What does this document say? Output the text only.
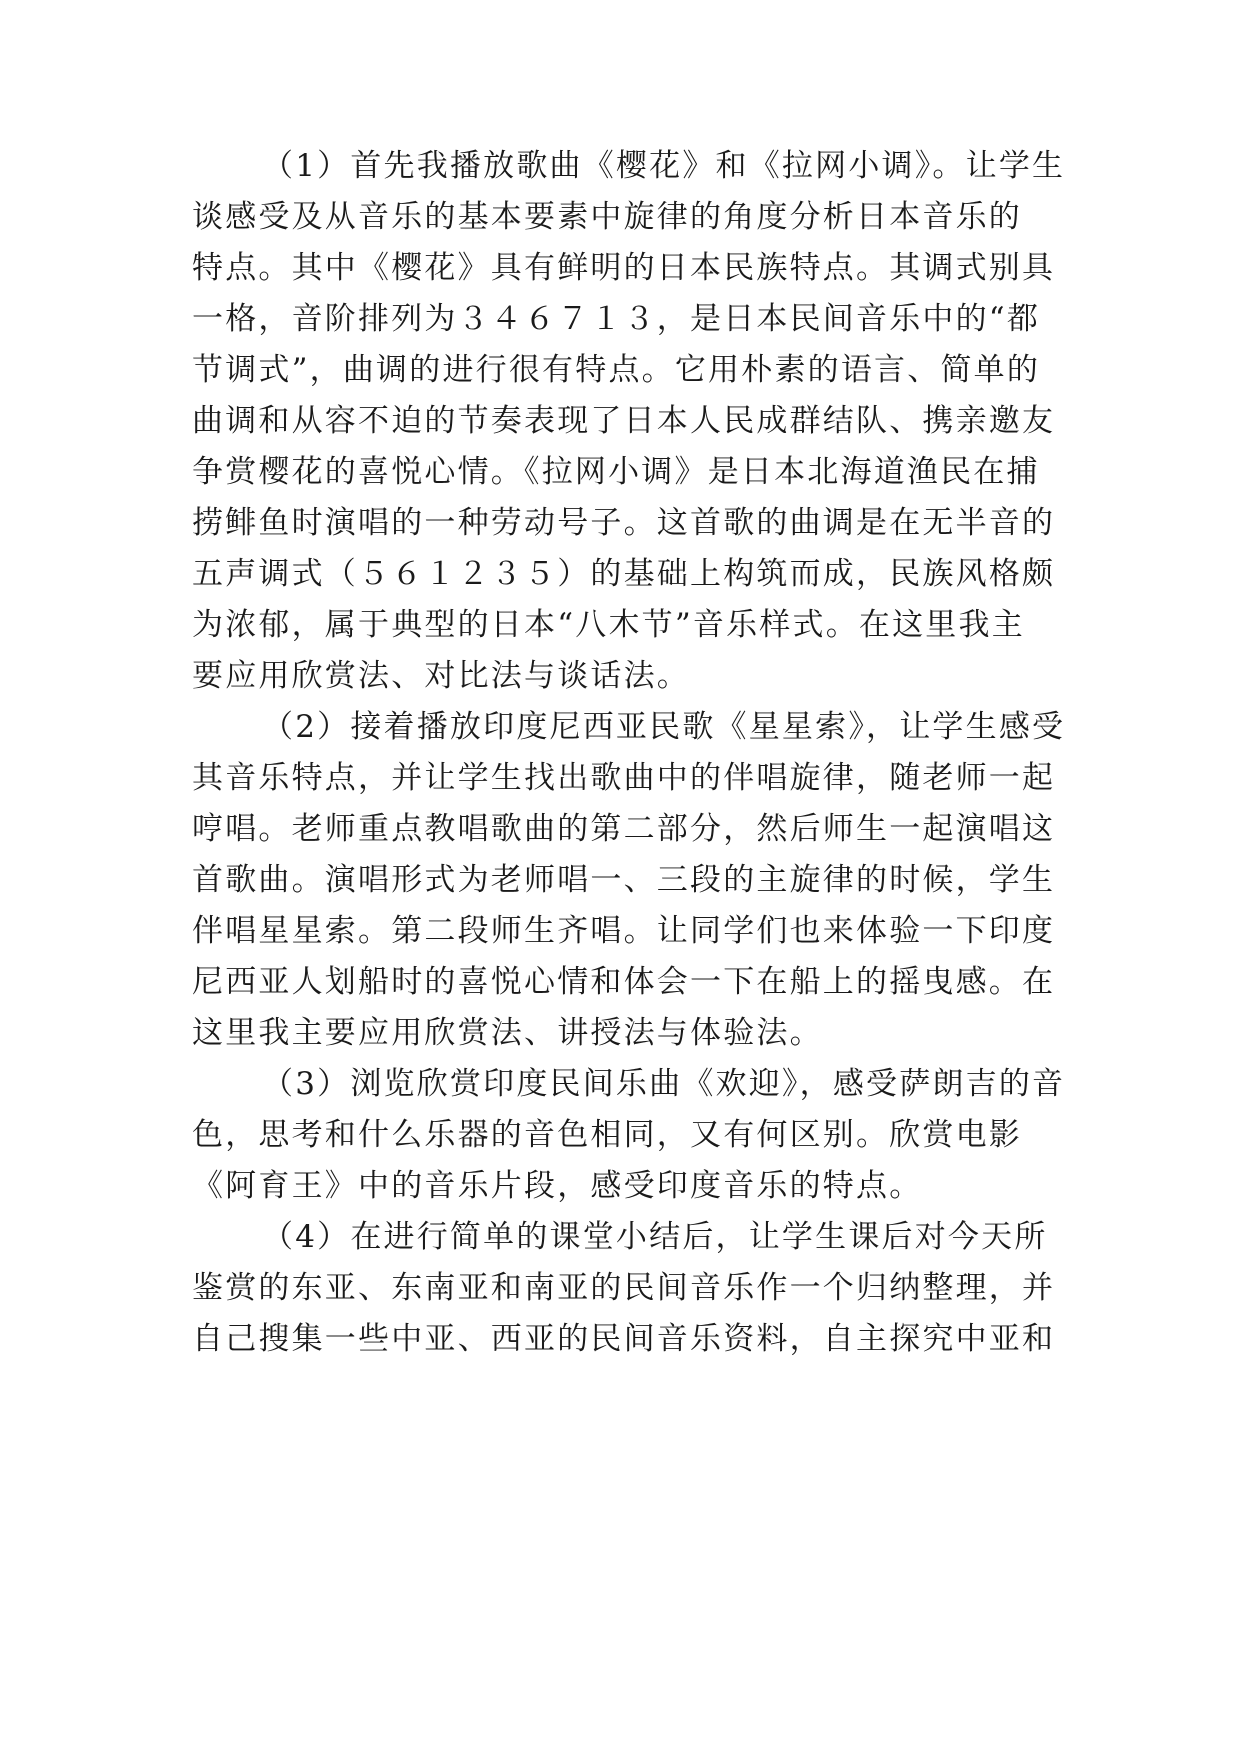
（1）首先我播放歌曲《樱花》和《拉网小调》。让学生
谈感受及从音乐的基本要素中旋律的角度分析日本音乐的
特点。其中《樱花》具有鲜明的日本民族特点。其调式别具
一格，音阶排列为３４６７１３，是日本民间音乐中的“都
节调式”，曲调的进行很有特点。它用朴素的语言、简单的
曲调和从容不迫的节奏表现了日本人民成群结队、携亲邀友
争赏樱花的喜悦心情。《拉网小调》是日本北海道渔民在捕
捞鲱鱼时演唱的一种劳动号子。这首歌的曲调是在无半音的
五声调式（５６１２３５）的基础上构筑而成，民族风格颇
为浓郁，属于典型的日本“八木节”音乐样式。在这里我主
要应用欣赏法、对比法与谈话法。
（2）接着播放印度尼西亚民歌《星星索》，让学生感受
其音乐特点，并让学生找出歌曲中的伴唱旋律，随老师一起
哼唱。老师重点教唱歌曲的第二部分，然后师生一起演唱这
首歌曲。演唱形式为老师唱一、三段的主旋律的时候，学生
伴唱星星索。第二段师生齐唱。让同学们也来体验一下印度
尼西亚人划船时的喜悦心情和体会一下在船上的摇曳感。在
这里我主要应用欣赏法、讲授法与体验法。
（3）浏览欣赏印度民间乐曲《欢迎》，感受萨朗吉的音
色，思考和什么乐器的音色相同，又有何区别。欣赏电影
《阿育王》中的音乐片段，感受印度音乐的特点。
（4）在进行简单的课堂小结后，让学生课后对今天所
鉴赏的东亚、东南亚和南亚的民间音乐作一个归纳整理，并
自己搜集一些中亚、西亚的民间音乐资料，自主探究中亚和
